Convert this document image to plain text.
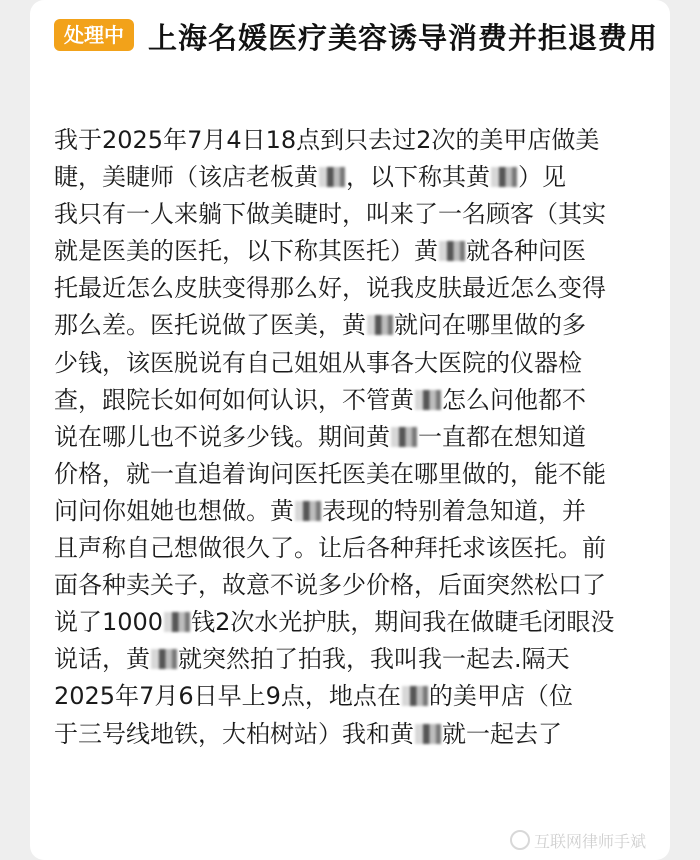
处理中 上海名媛医疗美容诱导消费并拒退费用
我于2025年7月4日18点到只去过2次的美甲店做美
睫，美睫师（该店老板黄 ，以下称其黄 ）见
我只有一人来躺下做美睫时，叫来了一名顾客（其实
就是医美的医托，以下称其医托）黄 就各种问医
托最近怎么皮肤变得那么好，说我皮肤最近怎么变得
那么差。医托说做了医美，黄 就问在哪里做的多
少钱，该医脱说有自己姐姐从事各大医院的仪器检
查，跟院长如何如何认识，不管黄 怎么问他都不
说在哪儿也不说多少钱。期间黄 一直都在想知道
价格，就一直追着询问医托医美在哪里做的，能不能
问问你姐她也想做。黄 表现的特别着急知道，并
且声称自己想做很久了。让后各种拜托求该医托。前
面各种卖关子，故意不说多少价格，后面突然松口了
说了1000 钱2次水光护肤，期间我在做睫毛闭眼没
说话，黄 就突然拍了拍我，我叫我一起去.隔天
2025年7月6日早上9点，地点在 的美甲店（位
于三号线地铁，大柏树站）我和黄 就一起去了
互联网律师手斌
